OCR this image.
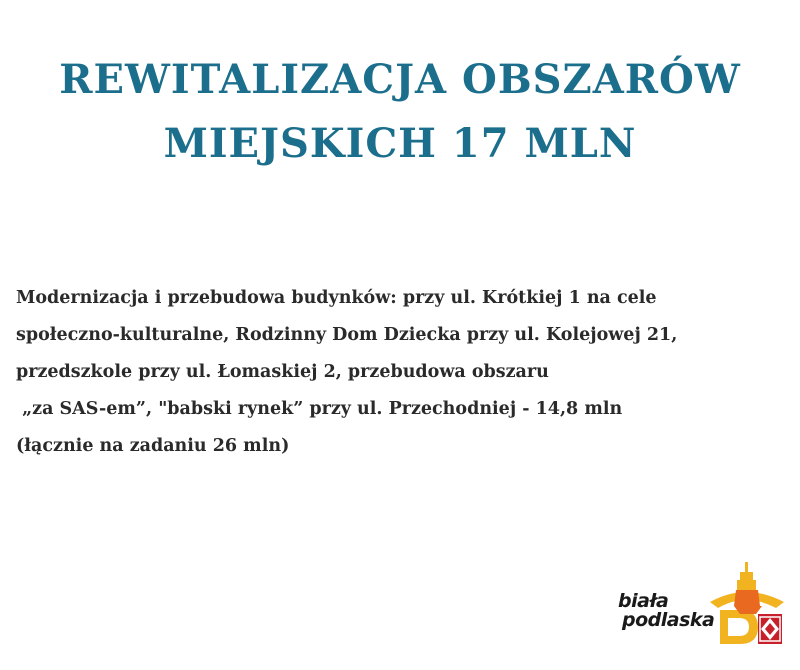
REWITALIZACJA OBSZARÓW
MIEJSKICH 17 MLN
Modernizacja i przebudowa budynków: przy ul. Krótkiej 1 na cele
społeczno-kulturalne, Rodzinny Dom Dziecka przy ul. Kolejowej 21,
przedszkole przy ul. Łomaskiej 2, przebudowa obszaru
„za SAS-em”, "babski rynek” przy ul. Przechodniej - 14,8 mln
(łącznie na zadaniu 26 mln)
biała
podlaska
